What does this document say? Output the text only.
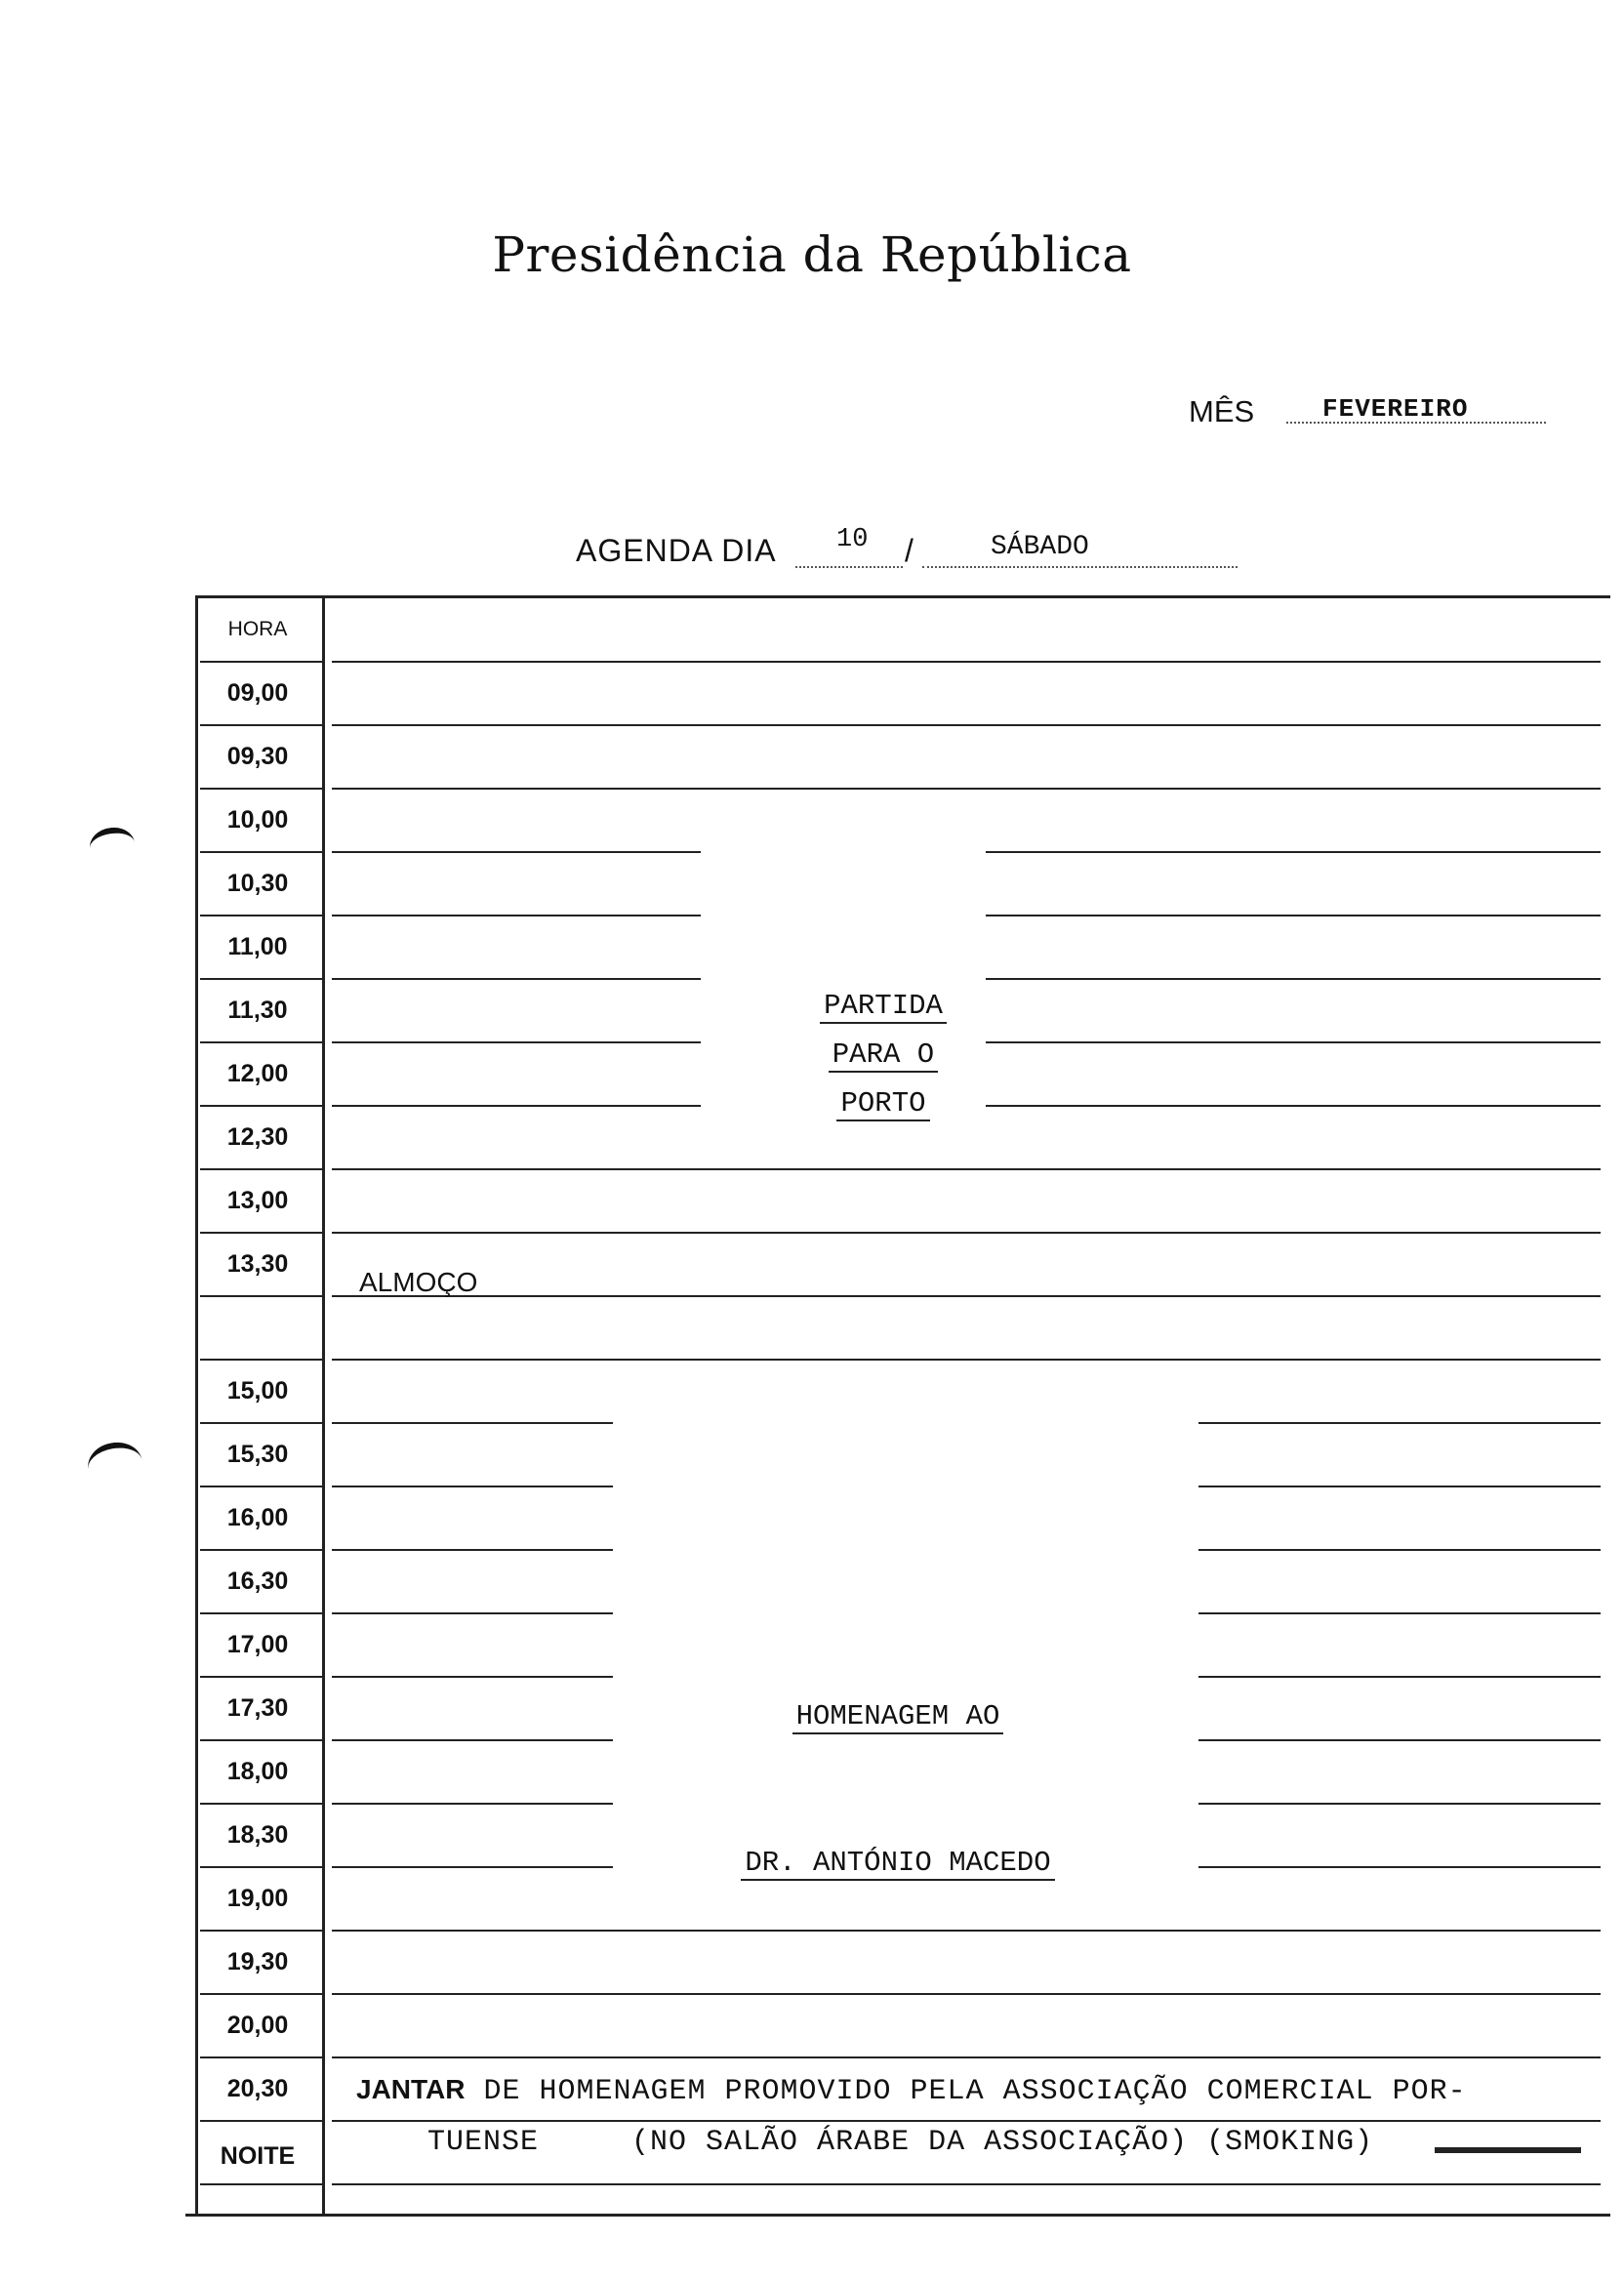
Presidência da República
MÊS	FEVEREIRO
AGENDA DIA 10 /	SÁBADO
HORA
09,00
09,30
10,00
10,30
11,00
11,30
12,00
12,30
13,00
13,30
15,00
15,30
16,00
16,30
17,00
17,30
18,00
18,30
19,00
19,30
20,00
20,30
NOITE
PARTIDA
PARA O
PORTO
ALMOÇO
HOMENAGEM AO
DR. ANTÓNIO MACEDO
JANTAR DE HOMENAGEM PROMOVIDO PELA ASSOCIAÇÃO COMERCIAL POR-
TUENSE     (NO SALÃO ÁRABE DA ASSOCIAÇÃO) (SMOKING)
